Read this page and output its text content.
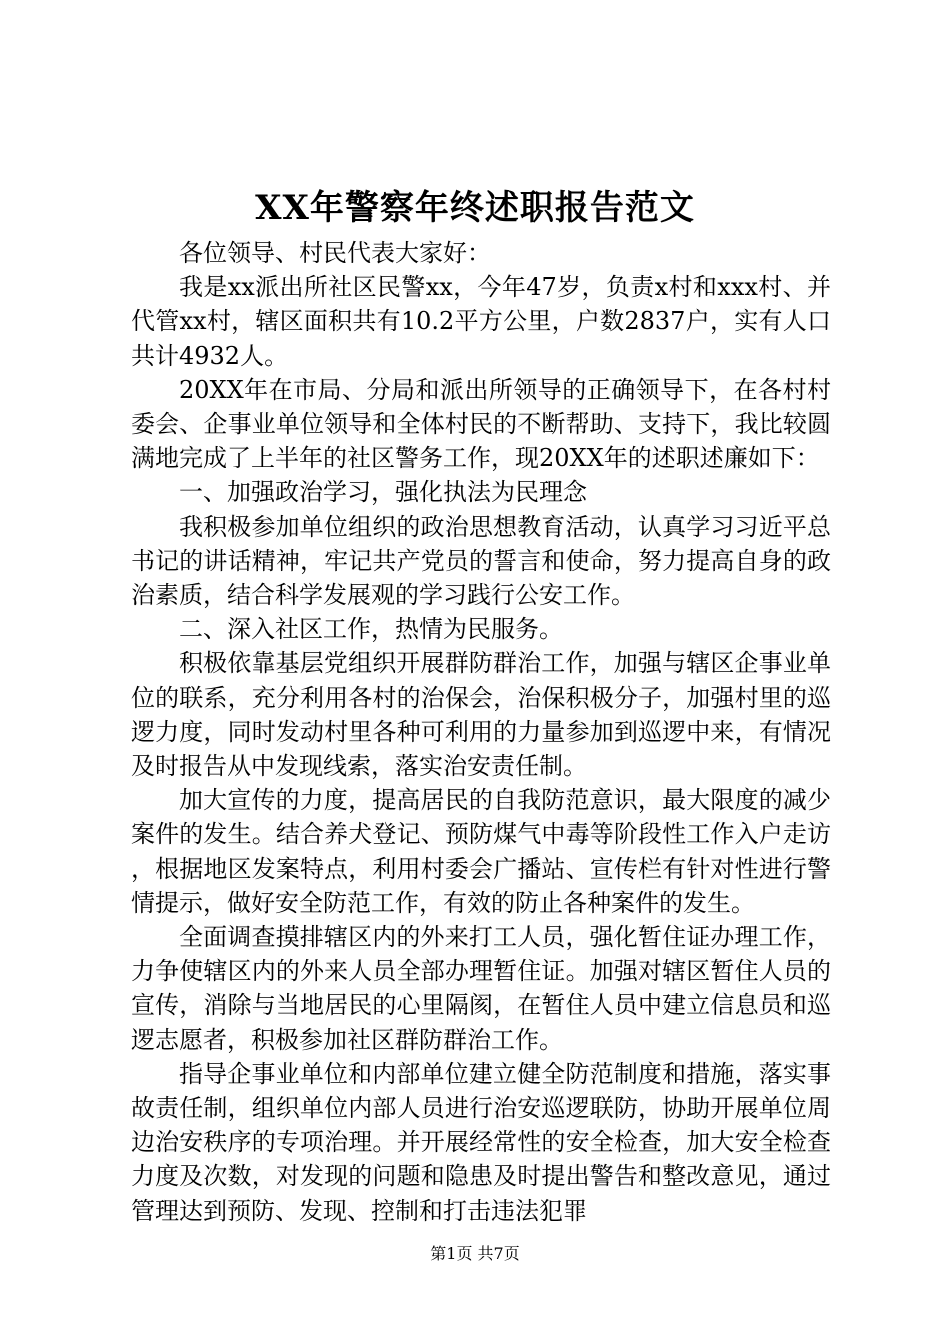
XX年警察年终述职报告范文

各位领导、村民代表大家好：

我是xx派出所社区民警xx，今年47岁，负责x村和xxx村、并代管xx村，辖区面积共有10.2平方公里，户数2837户，实有人口共计4932人。

20XX年在市局、分局和派出所领导的正确领导下，在各村村委会、企事业单位领导和全体村民的不断帮助、支持下，我比较圆满地完成了上半年的社区警务工作，现20XX年的述职述廉如下：

一、加强政治学习，强化执法为民理念

我积极参加单位组织的政治思想教育活动，认真学习习近平总书记的讲话精神，牢记共产党员的誓言和使命，努力提高自身的政治素质，结合科学发展观的学习践行公安工作。

二、深入社区工作，热情为民服务。

积极依靠基层党组织开展群防群治工作，加强与辖区企事业单位的联系，充分利用各村的治保会，治保积极分子，加强村里的巡逻力度，同时发动村里各种可利用的力量参加到巡逻中来，有情况及时报告从中发现线索，落实治安责任制。

加大宣传的力度，提高居民的自我防范意识，最大限度的减少案件的发生。结合养犬登记、预防煤气中毒等阶段性工作入户走访，根据地区发案特点，利用村委会广播站、宣传栏有针对性进行警情提示，做好安全防范工作，有效的防止各种案件的发生。

全面调查摸排辖区内的外来打工人员，强化暂住证办理工作，力争使辖区内的外来人员全部办理暂住证。加强对辖区暂住人员的宣传，消除与当地居民的心里隔阂，在暂住人员中建立信息员和巡逻志愿者，积极参加社区群防群治工作。

指导企事业单位和内部单位建立健全防范制度和措施，落实事故责任制，组织单位内部人员进行治安巡逻联防，协助开展单位周边治安秩序的专项治理。并开展经常性的安全检查，加大安全检查力度及次数，对发现的问题和隐患及时提出警告和整改意见，通过管理达到预防、发现、控制和打击违法犯罪

第1页 共7页
